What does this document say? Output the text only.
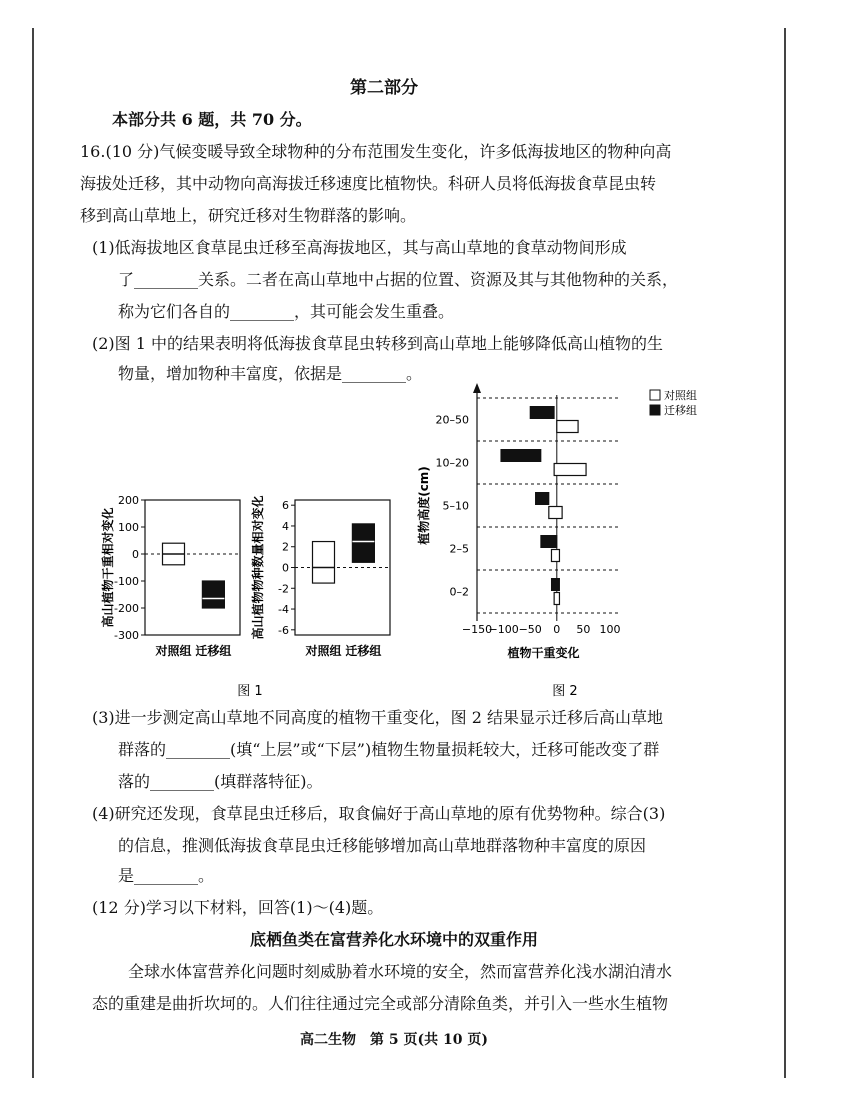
第二部分
本部分共 6 题，共 70 分。
16.(10 分)气候变暖导致全球物种的分布范围发生变化，许多低海拔地区的物种向高
海拔处迁移，其中动物向高海拔迁移速度比植物快。科研人员将低海拔食草昆虫转
移到高山草地上，研究迁移对生物群落的影响。
(1)低海拔地区食草昆虫迁移至高海拔地区，其与高山草地的食草动物间形成
了________关系。二者在高山草地中占据的位置、资源及其与其他物种的关系，
称为它们各自的________，其可能会发生重叠。
(2)图 1 中的结果表明将低海拔食草昆虫转移到高山草地上能够降低高山植物的生
物量，增加物种丰富度，依据是________。
200
100
0
-100
-200
-300
高山植物干重相对变化
对照组 迁移组
6
4
2
0
-2
-4
-6
高山植物物种数量相对变化
对照组 迁移组
图 1
20–50
10–20
5–10
2–5
0–2
−150
−100 −50 0 50 100
植物干重变化
植物高度(cm)
对照组
迁移组
图 2
(3)进一步测定高山草地不同高度的植物干重变化，图 2 结果显示迁移后高山草地
群落的________(填“上层”或“下层”)植物生物量损耗较大，迁移可能改变了群
落的________(填群落特征)。
(4)研究还发现，食草昆虫迁移后，取食偏好于高山草地的原有优势物种。综合(3)
的信息，推测低海拔食草昆虫迁移能够增加高山草地群落物种丰富度的原因
是________。
(12 分)学习以下材料，回答(1)～(4)题。
底栖鱼类在富营养化水环境中的双重作用
全球水体富营养化问题时刻威胁着水环境的安全，然而富营养化浅水湖泊清水
态的重建是曲折坎坷的。人们往往通过完全或部分清除鱼类，并引入一些水生植物
高二生物　第 5 页(共 10 页)
